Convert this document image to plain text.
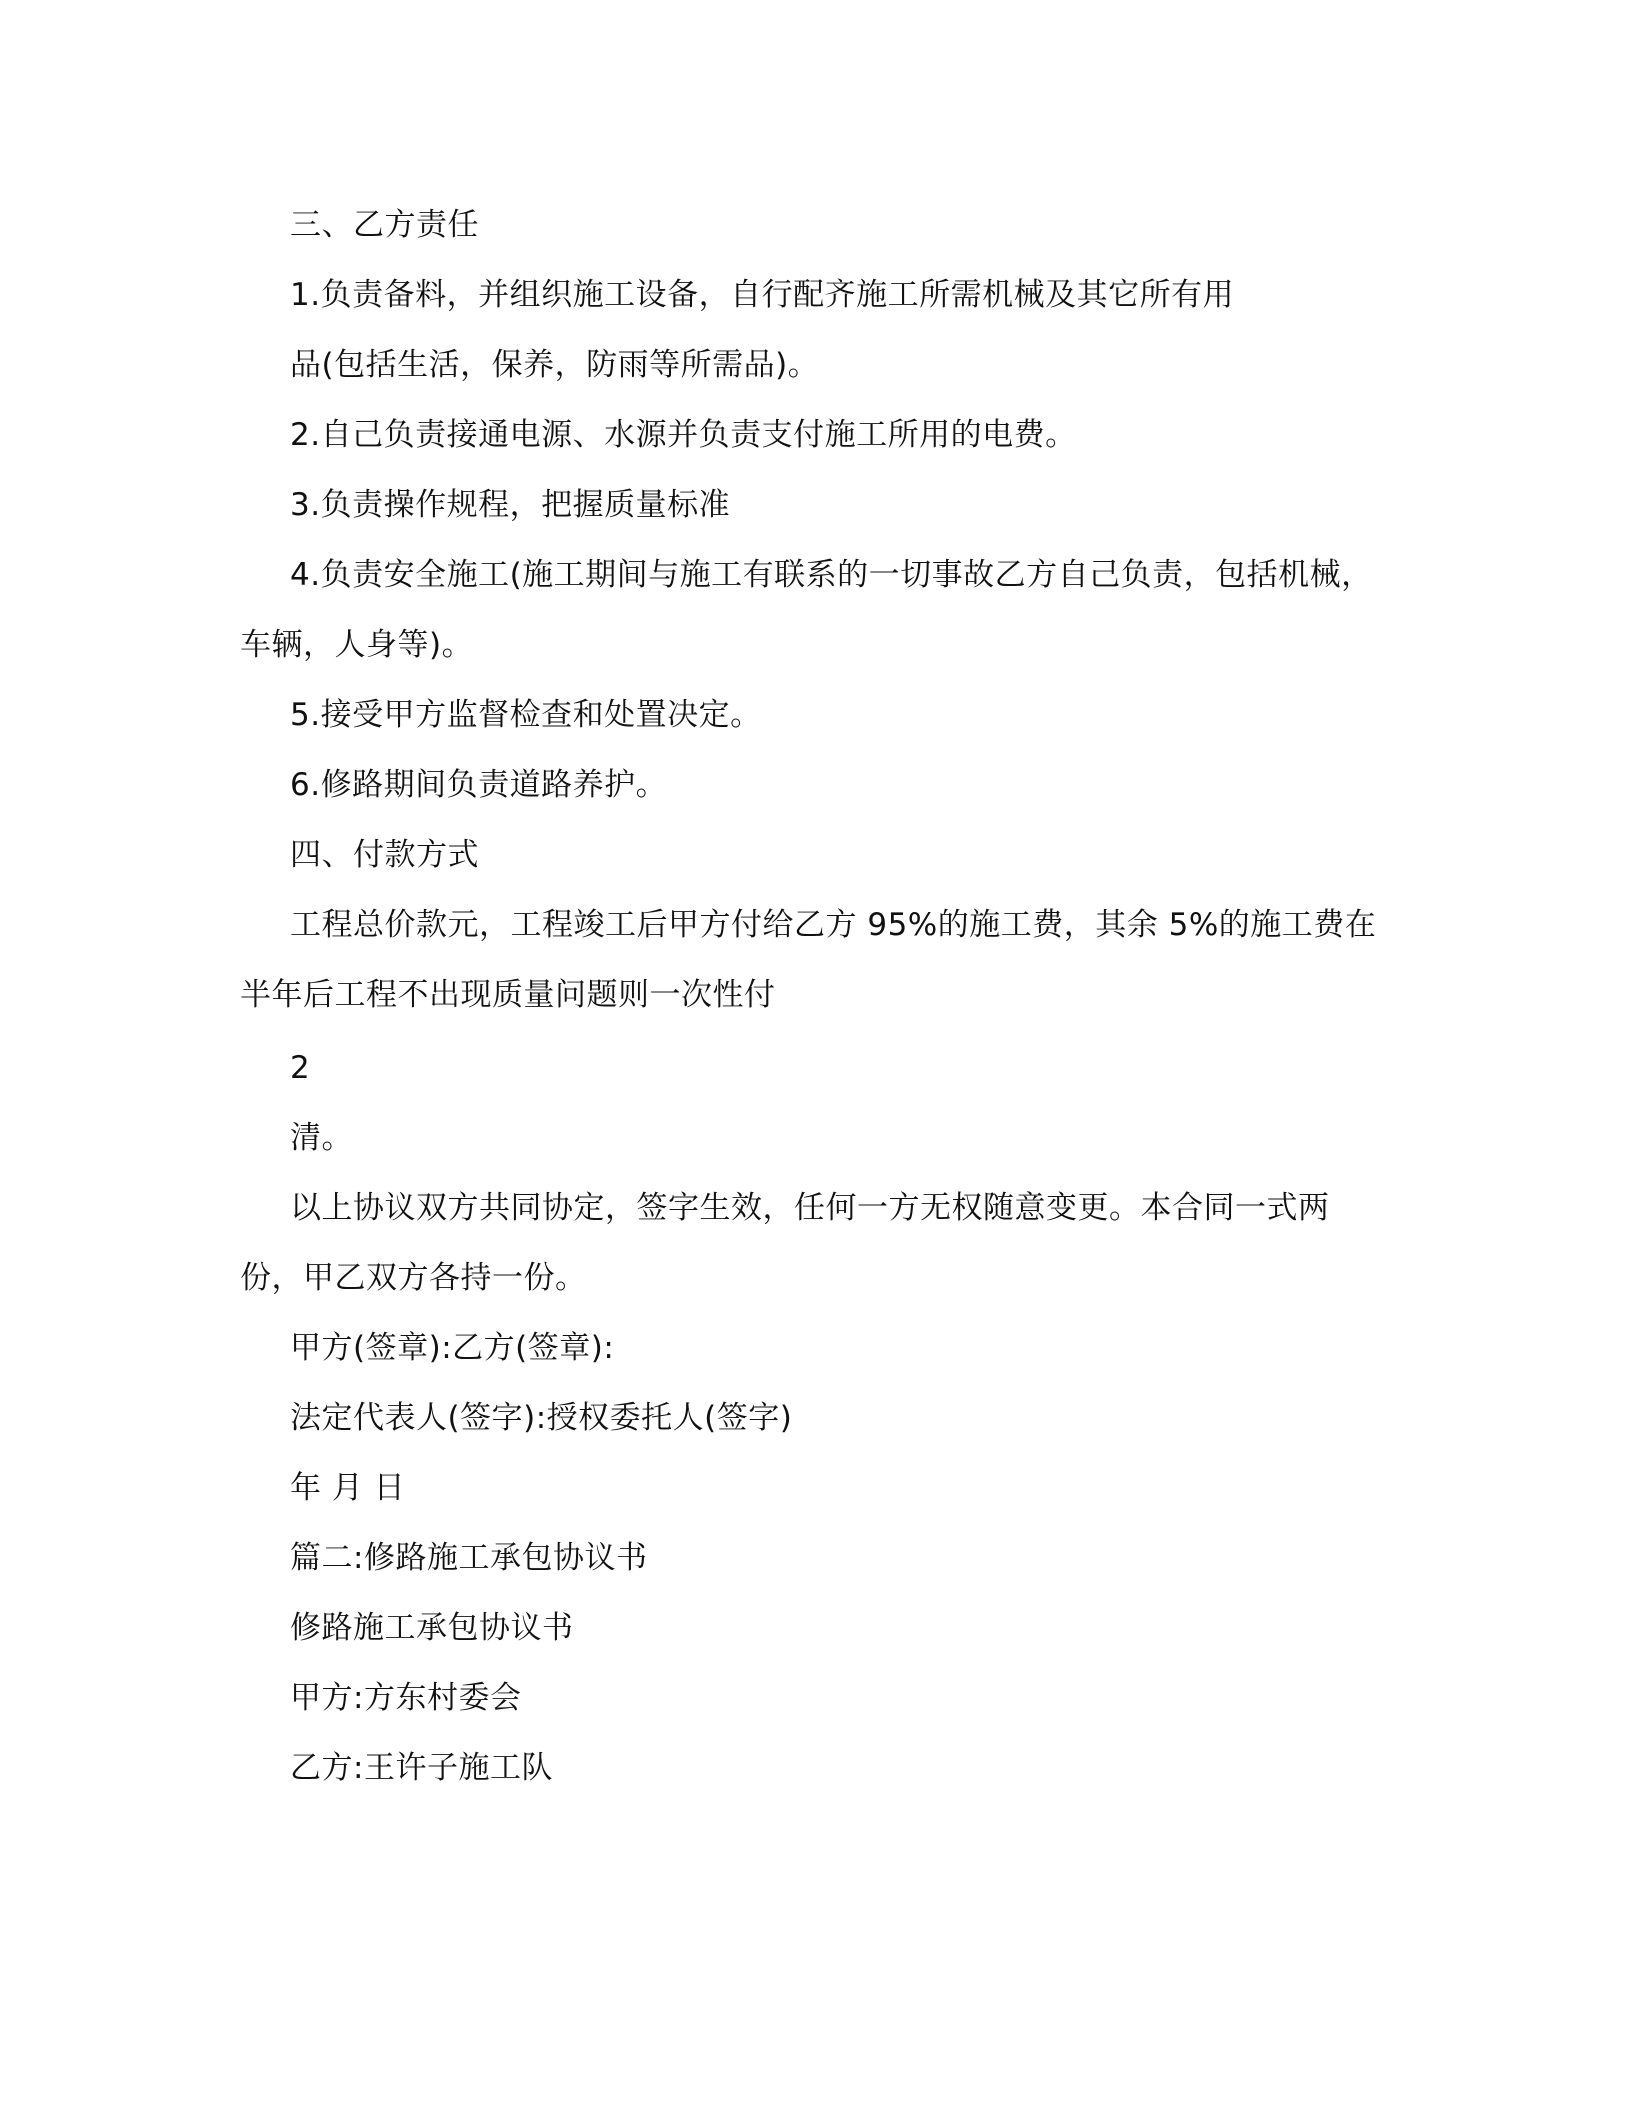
三、乙方责任
1.负责备料，并组织施工设备，自行配齐施工所需机械及其它所有用
品(包括生活，保养，防雨等所需品)。
2.自己负责接通电源、水源并负责支付施工所用的电费。
3.负责操作规程，把握质量标准
4.负责安全施工(施工期间与施工有联系的一切事故乙方自己负责，包括机械，
车辆，人身等)。
5.接受甲方监督检查和处置决定。
6.修路期间负责道路养护。
四、付款方式
工程总价款元，工程竣工后甲方付给乙方 95%的施工费，其余 5%的施工费在
半年后工程不出现质量问题则一次性付
2
清。
以上协议双方共同协定，签字生效，任何一方无权随意变更。本合同一式两
份，甲乙双方各持一份。
甲方(签章):乙方(签章):
法定代表人(签字):授权委托人(签字)
年 月 日
篇二:修路施工承包协议书
修路施工承包协议书
甲方:方东村委会
乙方:王许子施工队
